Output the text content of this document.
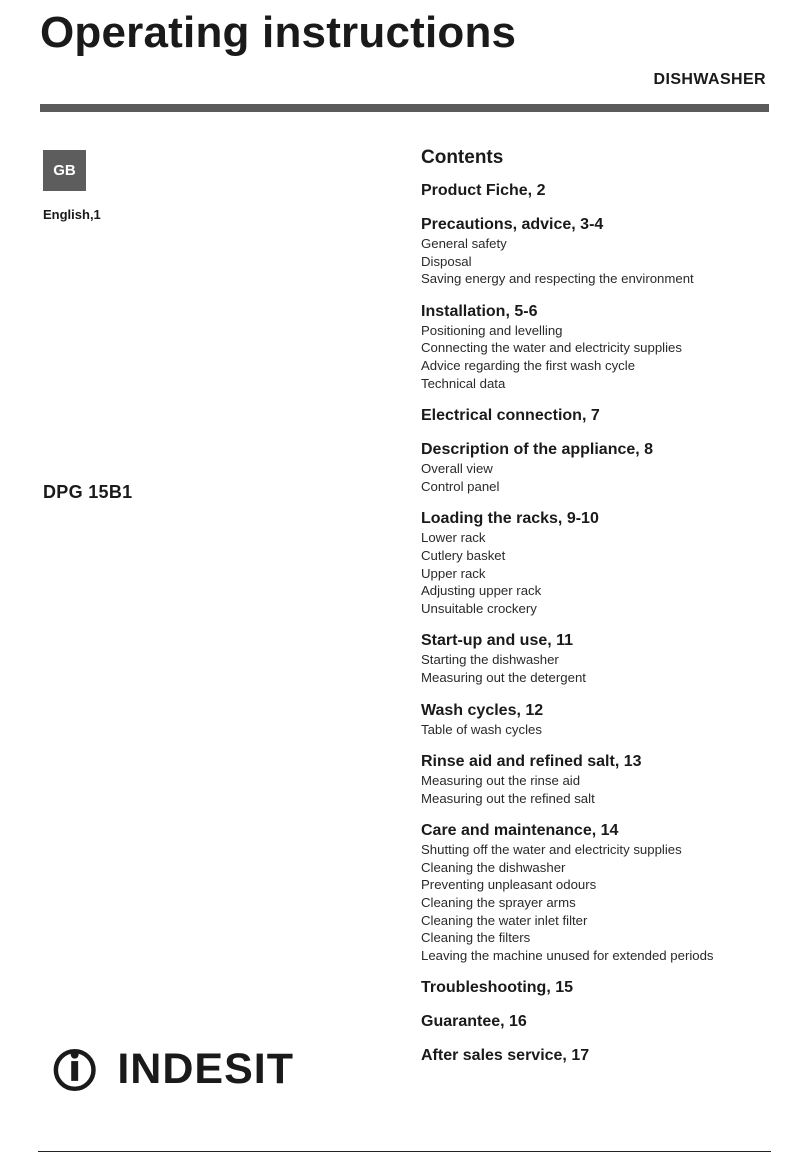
Operating instructions
DISHWASHER
GB
English,1
DPG 15B1
INDESIT
Contents
Product Fiche, 2
Precautions, advice, 3-4
General safety
Disposal
Saving energy and respecting the environment
Installation, 5-6
Positioning and levelling
Connecting the water and electricity supplies
Advice regarding the first wash cycle
Technical data
Electrical connection, 7
Description of the appliance, 8
Overall view
Control panel
Loading the racks, 9-10
Lower rack
Cutlery basket
Upper rack
Adjusting upper rack
Unsuitable crockery
Start-up and use, 11
Starting the dishwasher
Measuring out the detergent
Wash cycles, 12
Table of wash cycles
Rinse aid and refined salt, 13
Measuring out the rinse aid
Measuring out the refined salt
Care and maintenance, 14
Shutting off the water and electricity supplies
Cleaning the dishwasher
Preventing unpleasant odours
Cleaning the sprayer arms
Cleaning the water inlet filter
Cleaning the filters
Leaving the machine unused for extended periods
Troubleshooting, 15
Guarantee, 16
After sales service, 17
